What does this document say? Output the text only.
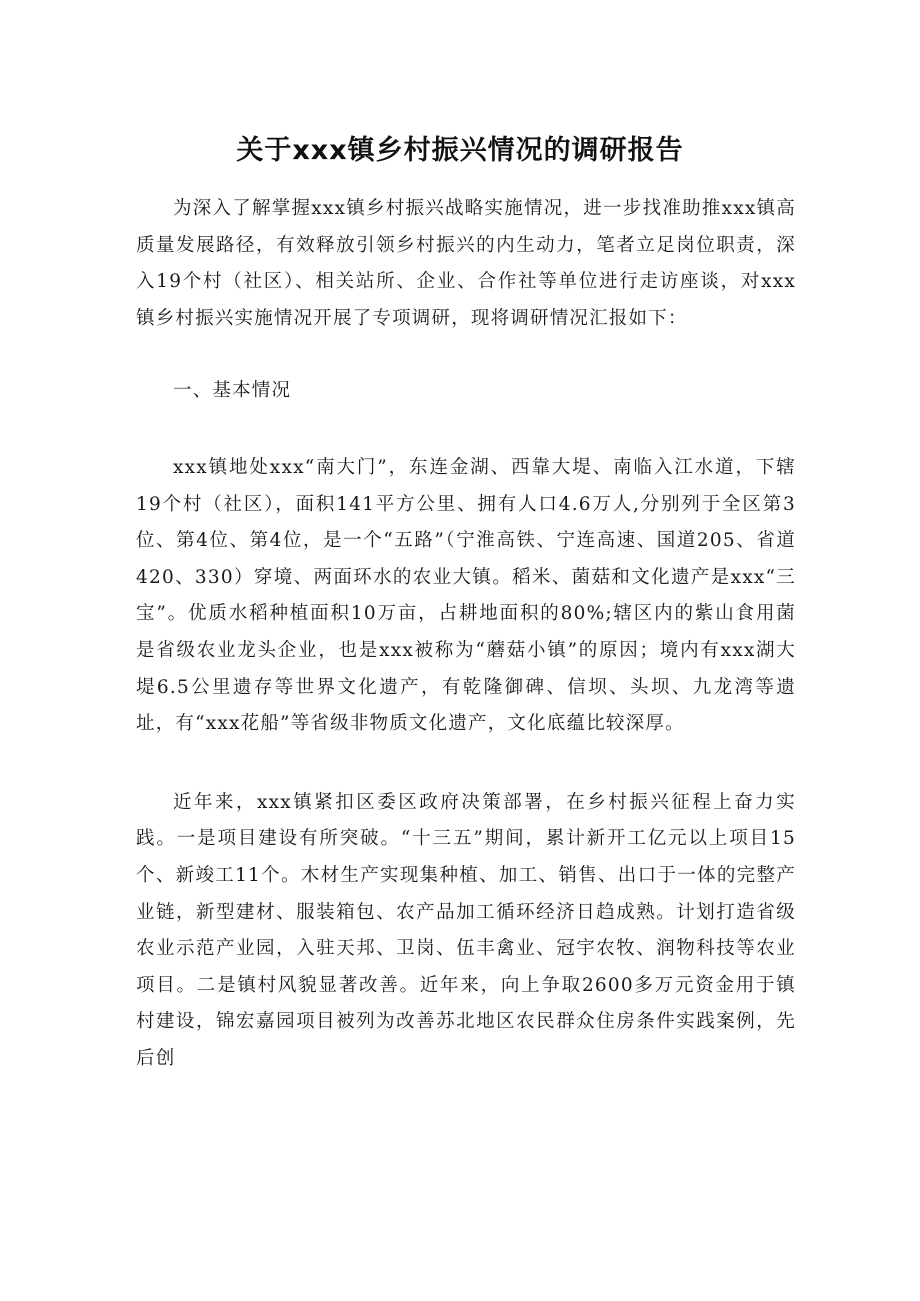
关于xxx镇乡村振兴情况的调研报告

为深入了解掌握xxx镇乡村振兴战略实施情况，进一步找准助推xxx镇高质量发展路径，有效释放引领乡村振兴的内生动力，笔者立足岗位职责，深入19个村（社区）、相关站所、企业、合作社等单位进行走访座谈，对xxx镇乡村振兴实施情况开展了专项调研，现将调研情况汇报如下：

一、基本情况

xxx镇地处xxx“南大门”，东连金湖、西靠大堤、南临入江水道，下辖19个村（社区），面积141平方公里、拥有人口4.6万人,分别列于全区第3位、第4位、第4位，是一个“五路”（宁淮高铁、宁连高速、国道205、省道420、330）穿境、两面环水的农业大镇。稻米、菌菇和文化遗产是xxx“三宝”。优质水稻种植面积10万亩，占耕地面积的80%;辖区内的紫山食用菌是省级农业龙头企业，也是xxx被称为“蘑菇小镇”的原因；境内有xxx湖大堤6.5公里遗存等世界文化遗产，有乾隆御碑、信坝、头坝、九龙湾等遗址，有“xxx花船”等省级非物质文化遗产，文化底蕴比较深厚。

近年来，xxx镇紧扣区委区政府决策部署，在乡村振兴征程上奋力实践。一是项目建设有所突破。“十三五”期间，累计新开工亿元以上项目15个、新竣工11个。木材生产实现集种植、加工、销售、出口于一体的完整产业链，新型建材、服装箱包、农产品加工循环经济日趋成熟。计划打造省级农业示范产业园，入驻天邦、卫岗、伍丰禽业、冠宇农牧、润物科技等农业项目。二是镇村风貌显著改善。近年来，向上争取2600多万元资金用于镇村建设，锦宏嘉园项目被列为改善苏北地区农民群众住房条件实践案例，先后创
